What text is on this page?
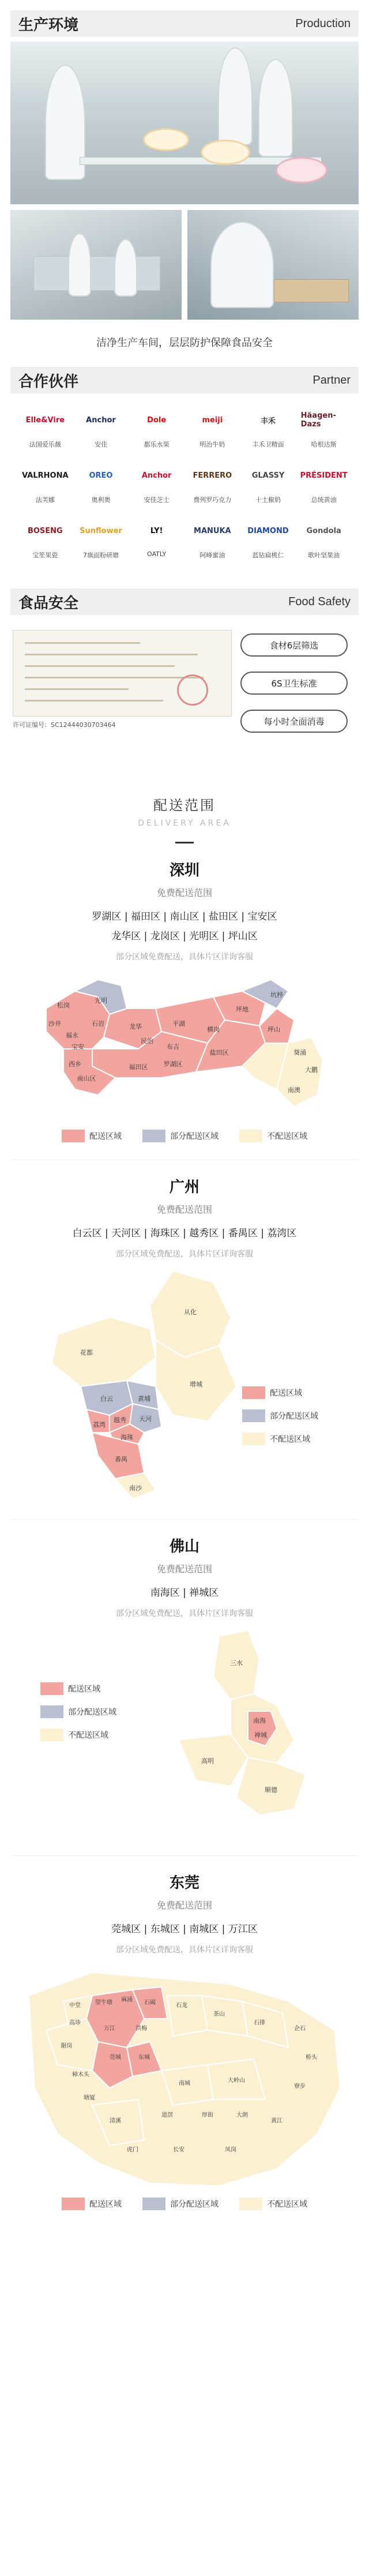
生产环境	Production
洁净生产车间，层层防护保障食品安全
合作伙伴	Partner
Elle&Vire
法国爱乐薇
Anchor
安佳
Dole
都乐水果
meiji
明治牛奶
丰禾
丰禾卫精面
Häagen-Dazs
哈根达斯
VALRHONA
法芙娜
OREO
奥利奥
Anchor
安佳芝士
FERRERO
费列罗巧克力
GLASSY
十土椒奶
PRÉSIDENT
总统黄油
BOSENG
宝笙果瓷
Sunflower
7旗面粉研磨
LY!
OATLY
MANUKA
阿峰蜜油
DIAMOND
蓝钻扁桃仁
Gondola
歌叶坚果油
食品安全	Food Safety
许可证编号：SC12444030703464
食材6层筛选
6S卫生标准
每小时全面消毒
配送范围
DELIVERY AREA
深圳
免费配送范围
罗湖区 | 福田区 | 南山区 | 盐田区 | 宝安区
龙华区 | 龙岗区 | 光明区 | 坪山区
部分区域免费配送，具体片区详询客服
松岗
光明
沙井
福永
石岩	龙华	平湖
坪地
坑梓
宝安
西乡
民治
布吉
横岗	坪山
葵涌
大鹏
南澳
南山区
福田区 罗湖区
盐田区
配送区域	部分配送区域	不配送区域
广州
免费配送范围
白云区 | 天河区 | 海珠区 | 越秀区 | 番禺区 | 荔湾区
部分区域免费配送，具体片区详询客服
从化
花都
增城
白云	黄埔
天河
荔湾
越秀
海珠
番禺
南沙
配送区域
部分配送区域
不配送区域
佛山
免费配送范围
南海区 | 禅城区
部分区域免费配送，具体片区详询客服
配送区域
部分配送区域
不配送区域
三水
南海
禅城
顺德
高明
东莞
免费配送范围
莞城区 | 东城区 | 南城区 | 万江区
部分区域免费配送，具体片区详询客服
中堂	望牛墩 麻涌 石碣	石龙
高埗
茶山
石排
企石
桥头
万江
莞城	东城
寮步
谢岗
洪梅
南城	大岭山
樟木头
塘厦
道滘	厚街	大朗
黄江
清溪
虎门	长安	凤岗
配送区域	部分配送区域	不配送区域
